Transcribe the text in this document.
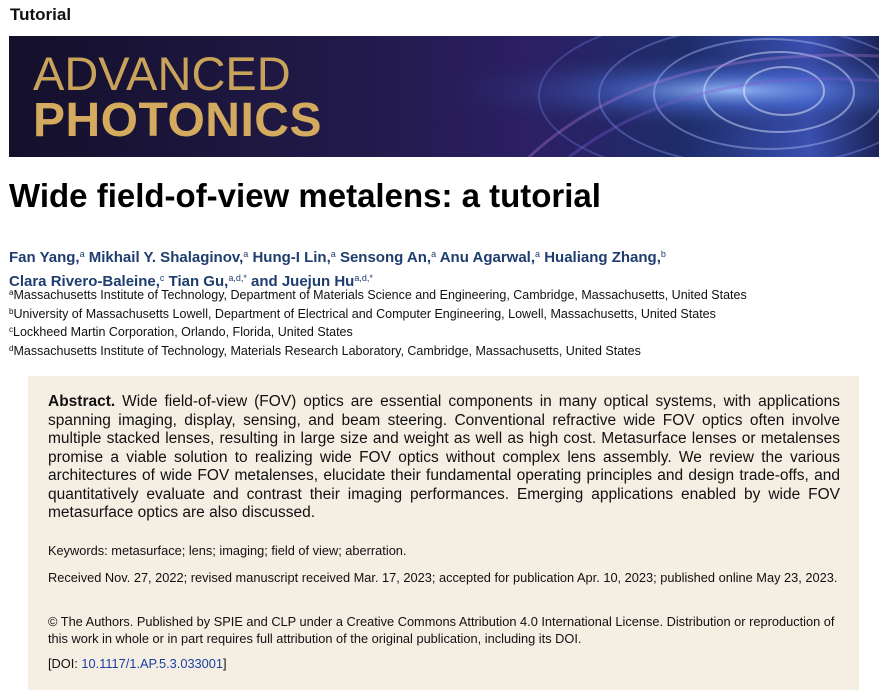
Tutorial
ADVANCED
PHOTONICS
Wide field-of-view metalens: a tutorial
Fan Yang,$^a$ Mikhail Y. Shalaginov,$^a$ Hung-I Lin,$^a$ Sensong An,$^a$ Anu Agarwal,$^a$ Hualiang Zhang,$^b$
Clara Rivero-Baleine,$^c$ Tian Gu,$^{a,d,*}$ and Juejun $Hu^{a,d,*}$
$^a$Massachusetts Institute of Technology, Department of Materials Science and Engineering, Cambridge, Massachusetts, United States
$^b$University of Massachusetts Lowell, Department of Electrical and Computer Engineering, Lowell, Massachusetts, United States
$^c$Lockheed Martin Corporation, Orlando, Florida, United States
$^d$Massachusetts Institute of Technology, Materials Research Laboratory, Cambridge, Massachusetts, United States

Abstract. Wide field-of-view (FOV) optics are essential components in many optical systems, with applications spanning imaging, display, sensing, and beam steering. Conventional refractive wide FOV optics often involve multiple stacked lenses, resulting in large size and weight as well as high cost. Metasurface lenses or metalenses promise a viable solution to realizing wide FOV optics without complex lens assembly. We review the various architectures of wide FOV metalenses, elucidate their fundamental operating principles and design trade-offs, and quantitatively evaluate and contrast their imaging performances. Emerging applications enabled by wide FOV metasurface optics are also discussed.

Keywords: metasurface; lens; imaging; field of view; aberration.

Received Nov. 27, 2022; revised manuscript received Mar. 17, 2023; accepted for publication Apr. 10, 2023; published online May 23, 2023.

© The Authors. Published by SPIE and CLP under a Creative Commons Attribution 4.0 International License. Distribution or reproduction of this work in whole or in part requires full attribution of the original publication, including its DOI.

[DOI: 10.1117/1.AP.5.3.033001]
